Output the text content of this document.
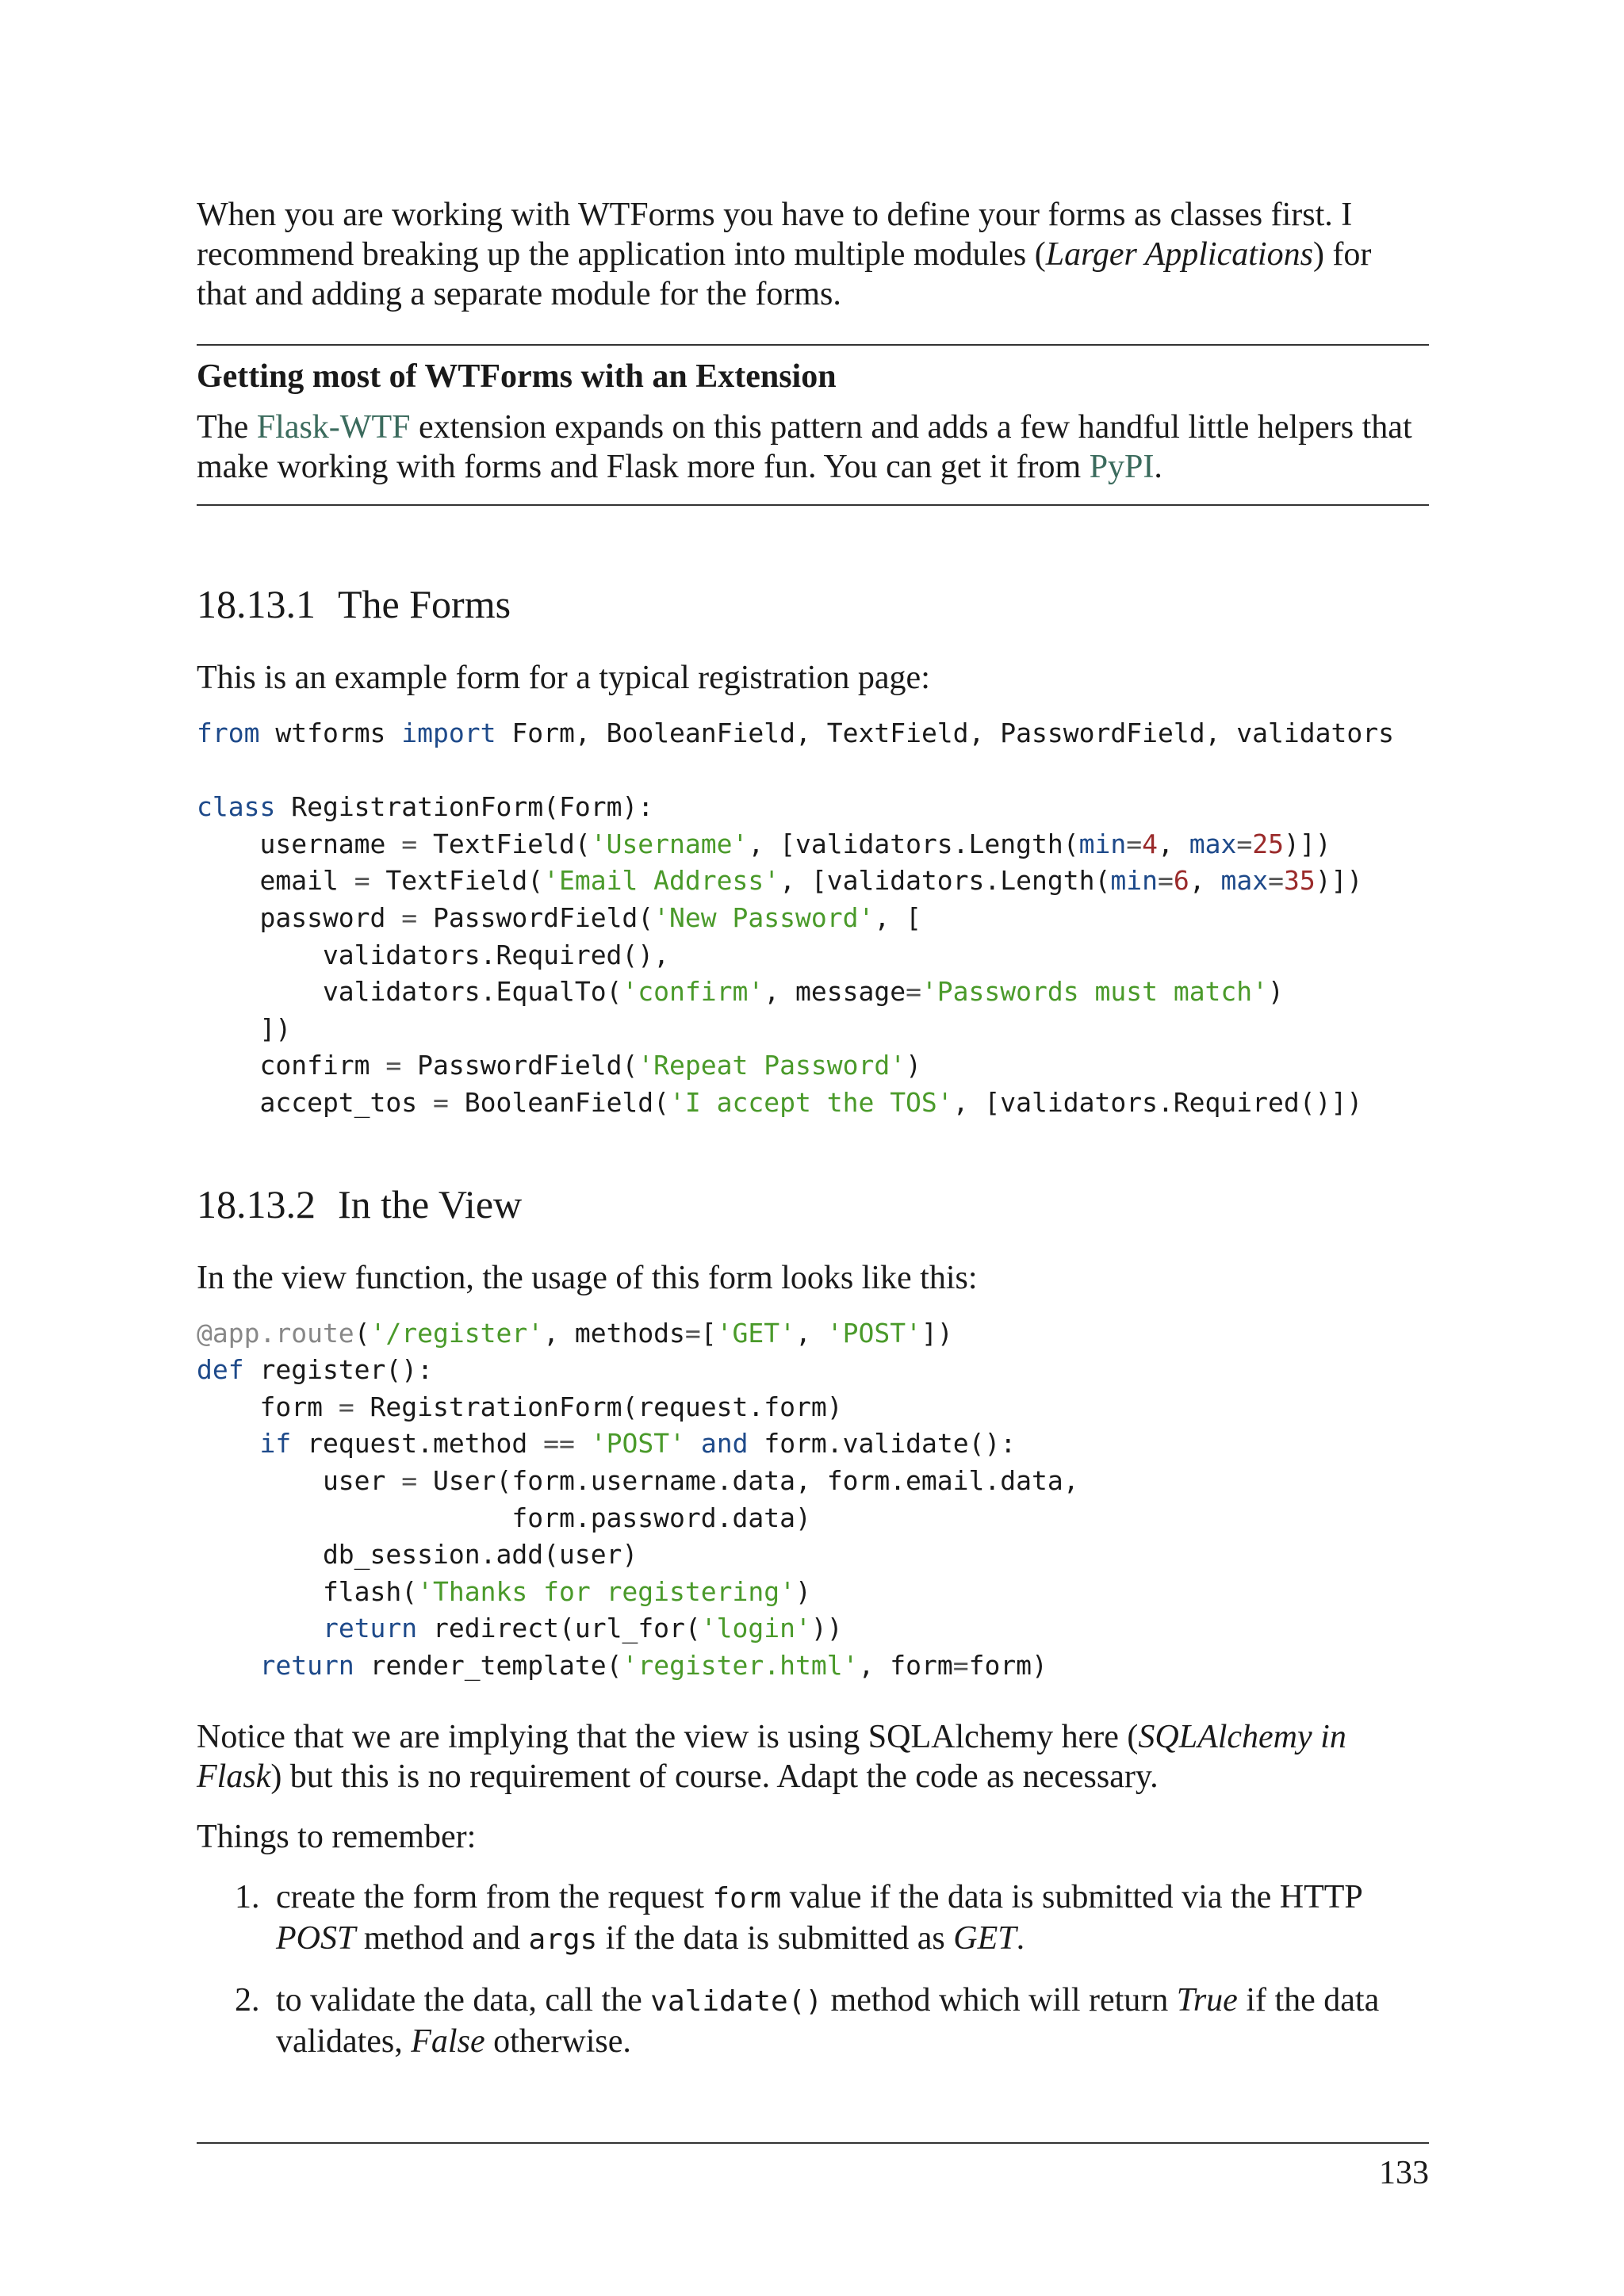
When you are working with WTForms you have to define your forms as classes first. I recommend breaking up the application into multiple modules (Larger Applications) for that and adding a separate module for the forms.

Getting most of WTForms with an Extension

The Flask-WTF extension expands on this pattern and adds a few handful little helpers that make working with forms and Flask more fun. You can get it from PyPI.

18.13.1 The Forms

This is an example form for a typical registration page:

from wtforms import Form, BooleanField, TextField, PasswordField, validators

class RegistrationForm(Form):
username = TextField('Username', [validators.Length(min=4, max=25)])
email = TextField('Email Address', [validators.Length(min=6, max=35)])
password = PasswordField('New Password', [
validators.Required(),
validators.EqualTo('confirm', message='Passwords must match')
])
confirm = PasswordField('Repeat Password')
accept_tos = BooleanField('I accept the TOS', [validators.Required()])
18.13.2 In the View

In the view function, the usage of this form looks like this:

@app.route('/register', methods=['GET', 'POST'])
def register():
form = RegistrationForm(request.form)
if request.method == 'POST' and form.validate():
user = User(form.username.data, form.email.data,
form.password.data)
db_session.add(user)
flash('Thanks for registering')
return redirect(url_for('login'))
return render_template('register.html', form=form)

Notice that we are implying that the view is using SQLAlchemy here (SQLAlchemy in Flask) but this is no requirement of course. Adapt the code as necessary.

Things to remember:

1. create the form from the request form value if the data is submitted via the HTTP POST method and args if the data is submitted as GET.
2. to validate the data, call the validate() method which will return True if the data validates, False otherwise.
133
